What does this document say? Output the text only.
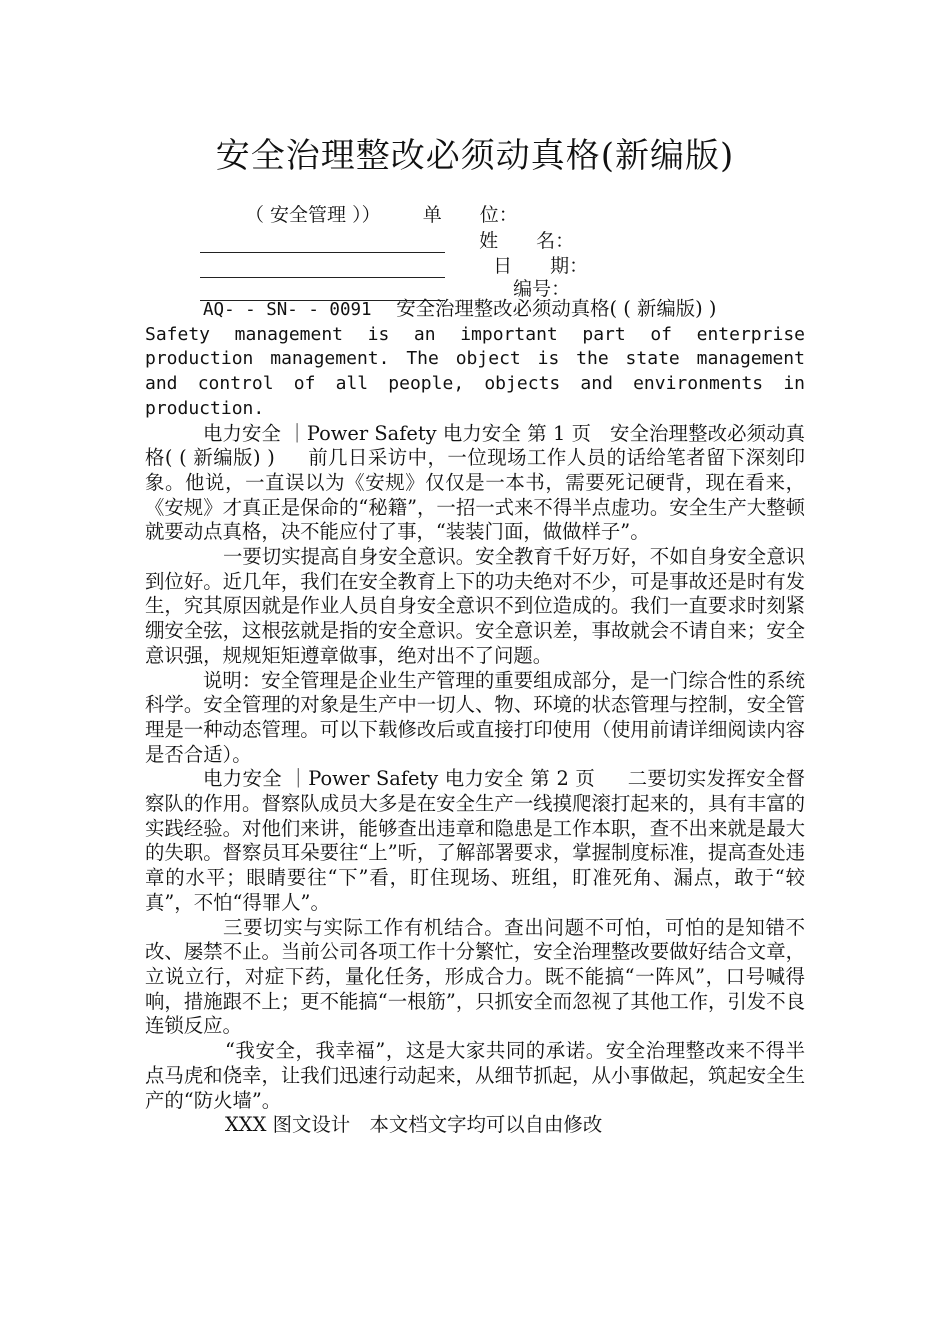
安全治理整改必须动真格(新编版)
（ 安全管理 ）） 单　　位：
姓　　名：
日　　期：
编号：

AQ- - SN- - 0091 安全治理整改必须动真格( ( 新编版) )

Safety management is an important part of enterprise production management. The object is the state management and control of all people, objects and environments in production.

电力安全 ｜Power Safety 电力安全 第 1 页 安全治理整改必须动真格( ( 新编版) ) 前几日采访中，一位现场工作人员的话给笔者留下深刻印象。他说，一直误以为《安规》仅仅是一本书，需要死记硬背，现在看来，《安规》才真正是保命的“秘籍”，一招一式来不得半点虚功。安全生产大整顿就要动点真格，决不能应付了事，“装装门面，做做样子”。

一要切实提高自身安全意识。安全教育千好万好，不如自身安全意识到位好。近几年，我们在安全教育上下的功夫绝对不少，可是事故还是时有发生，究其原因就是作业人员自身安全意识不到位造成的。我们一直要求时刻紧绷安全弦，这根弦就是指的安全意识。安全意识差，事故就会不请自来；安全意识强，规规矩矩遵章做事，绝对出不了问题。

说明：安全管理是企业生产管理的重要组成部分，是一门综合性的系统科学。安全管理的对象是生产中一切人、物、环境的状态管理与控制，安全管理是一种动态管理。可以下载修改后或直接打印使用（使用前请详细阅读内容是否合适）。

电力安全 ｜Power Safety 电力安全 第 2 页 二要切实发挥安全督察队的作用。督察队成员大多是在安全生产一线摸爬滚打起来的，具有丰富的实践经验。对他们来讲，能够查出违章和隐患是工作本职，查不出来就是最大的失职。督察员耳朵要往“上”听，了解部署要求，掌握制度标准，提高查处违章的水平；眼睛要往“下”看，盯住现场、班组，盯准死角、漏点，敢于“较真”，不怕“得罪人”。

三要切实与实际工作有机结合。查出问题不可怕，可怕的是知错不改、屡禁不止。当前公司各项工作十分繁忙，安全治理整改要做好结合文章，立说立行，对症下药，量化任务，形成合力。既不能搞“一阵风”，口号喊得响，措施跟不上；更不能搞“一根筋”，只抓安全而忽视了其他工作，引发不良连锁反应。

“我安全，我幸福”，这是大家共同的承诺。安全治理整改来不得半点马虎和侥幸，让我们迅速行动起来，从细节抓起，从小事做起，筑起安全生产的“防火墙”。

XXX 图文设计　本文档文字均可以自由修改
